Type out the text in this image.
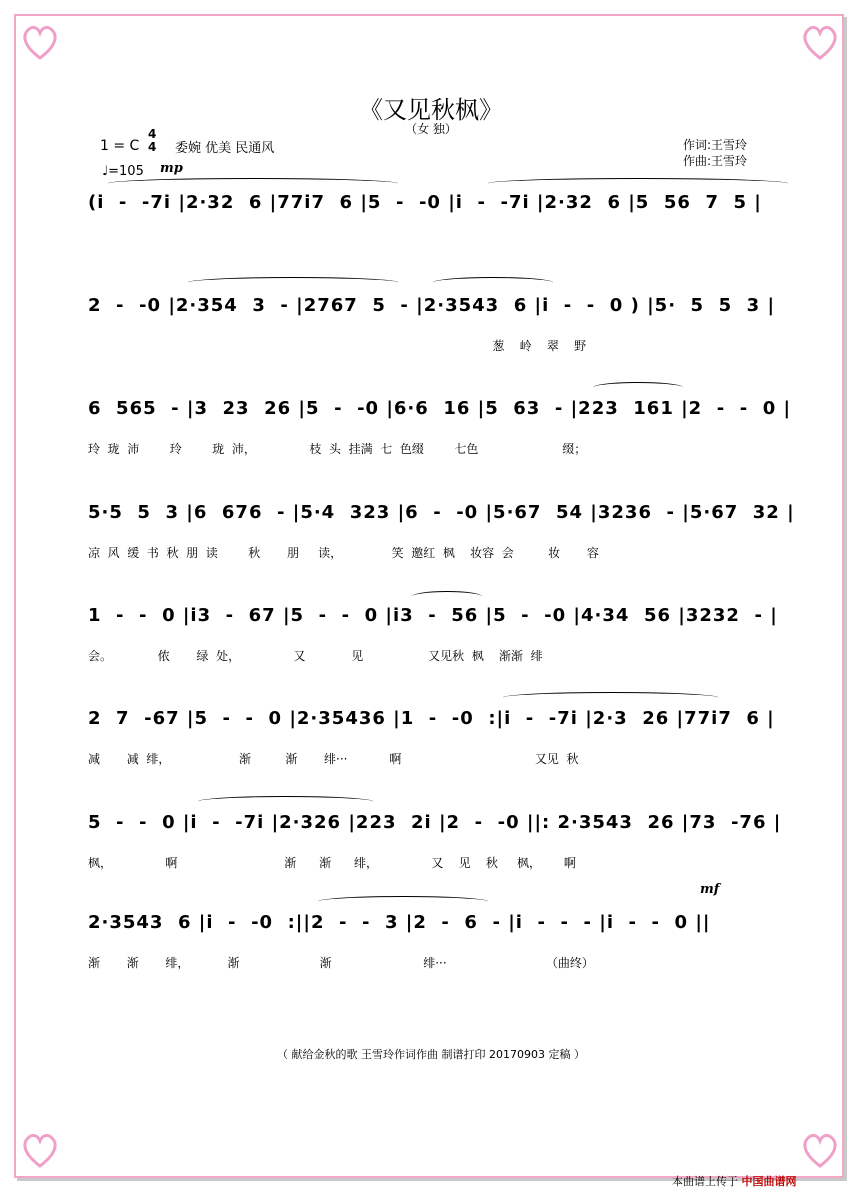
《又见秋枫》
（女 独）
1 = C
4
4 委婉 优美 民通风
♩=105 mp
作词:王雪玲
作曲:王雪玲
(i  -  -7i |2·32  6 |77i7  6 |5  -  -0 |i  -  -7i |2·32  6 |5  56  7  5 |
2  -  -0 |2·354  3  - |2767  5  - |2·3543  6 |i  -  -  0 ) |5·  5  5  3 |
葱    岭    翠    野
6  565  - |3  23  26 |5  -  -0 |6·6  16 |5  63  - |223  161 |2  -  -  0 |
玲  珑  沛        玲        珑  沛，              枝  头  挂满  七  色缀        七色                      缀；
5·5  5  3 |6  676  - |5·4  323 |6  -  -0 |5·67  54 |3236  - |5·67  32 |
凉  风  缓  书  秋  朋  读        秋       朋     读，             笑  邀红  枫    妆容  会         妆       容
1  -  -  0 |i3  -  67 |5  -  -  0 |i3  -  56 |5  -  -0 |4·34  56 |3232  - |
会。            侬       绿  处，              又            见                 又见秋  枫    渐渐  绯
2  7  -67 |5  -  -  0 |2·35436 |1  -  -0  :|i  -  -7i |2·3  26 |77i7  6 |
减       减  绯，                  渐         渐       绯···           啊                                   又见  秋
5  -  -  0 |i  -  -7i |2·326 |223  2i |2  -  -0 ||: 2·3543  26 |73  -76 |
枫，              啊                            渐      渐      绯，              又    见    秋     枫，      啊
2·3543  6 |i  -  -0  :||2  -  -  3 |2  -  6  - |i  -  -  - |i  -  -  0 ||
渐       渐       绯，          渐                     渐                        绯···                          （曲终）
mf
（ 献给金秋的歌 王雪玲作词作曲 制谱打印 20170903 定稿 ）
本曲谱上传于 中国曲谱网
